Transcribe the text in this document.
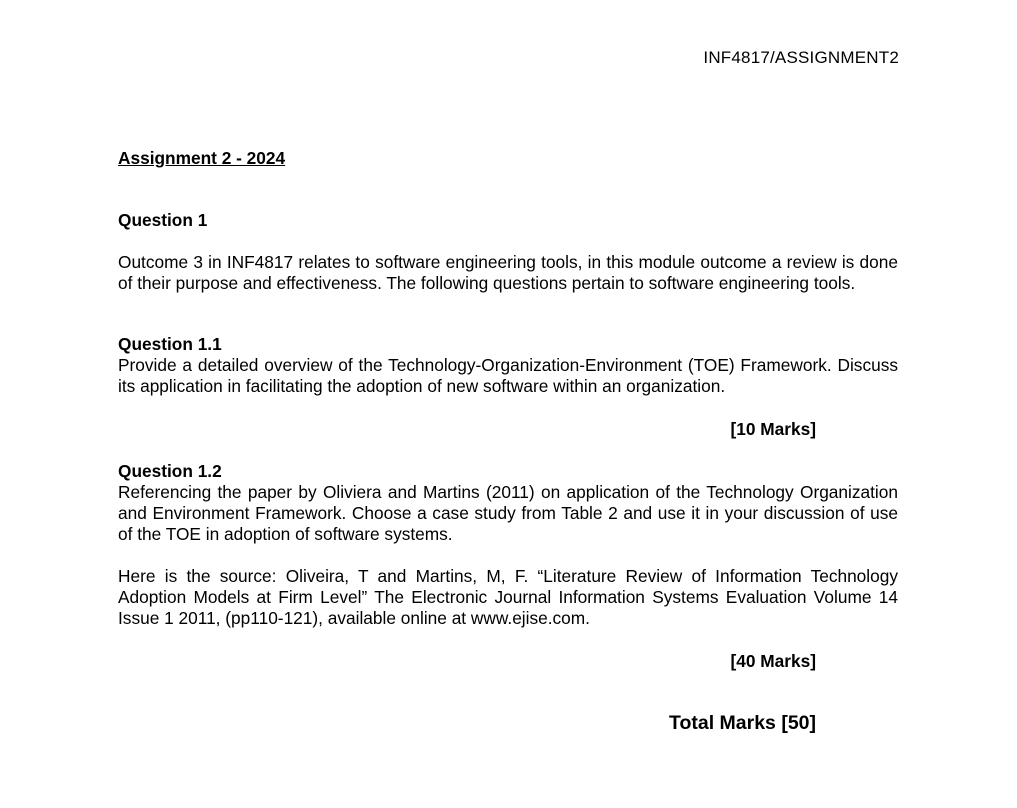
INF4817/ASSIGNMENT2

Assignment 2 - 2024

Question 1

Outcome 3 in INF4817 relates to software engineering tools, in this module outcome a review is done of their purpose and effectiveness. The following questions pertain to software engineering tools.

Question 1.1

Provide a detailed overview of the Technology-Organization-Environment (TOE) Framework. Discuss its application in facilitating the adoption of new software within an organization.

[10 Marks]

Question 1.2

Referencing the paper by Oliviera and Martins (2011) on application of the Technology Organization and Environment Framework. Choose a case study from Table 2 and use it in your discussion of use of the TOE in adoption of software systems.

Here is the source: Oliveira, T and Martins, M, F. “Literature Review of Information Technology Adoption Models at Firm Level” The Electronic Journal Information Systems Evaluation Volume 14 Issue 1 2011, (pp110-121), available online at www.ejise.com.

[40 Marks]

Total Marks [50]
